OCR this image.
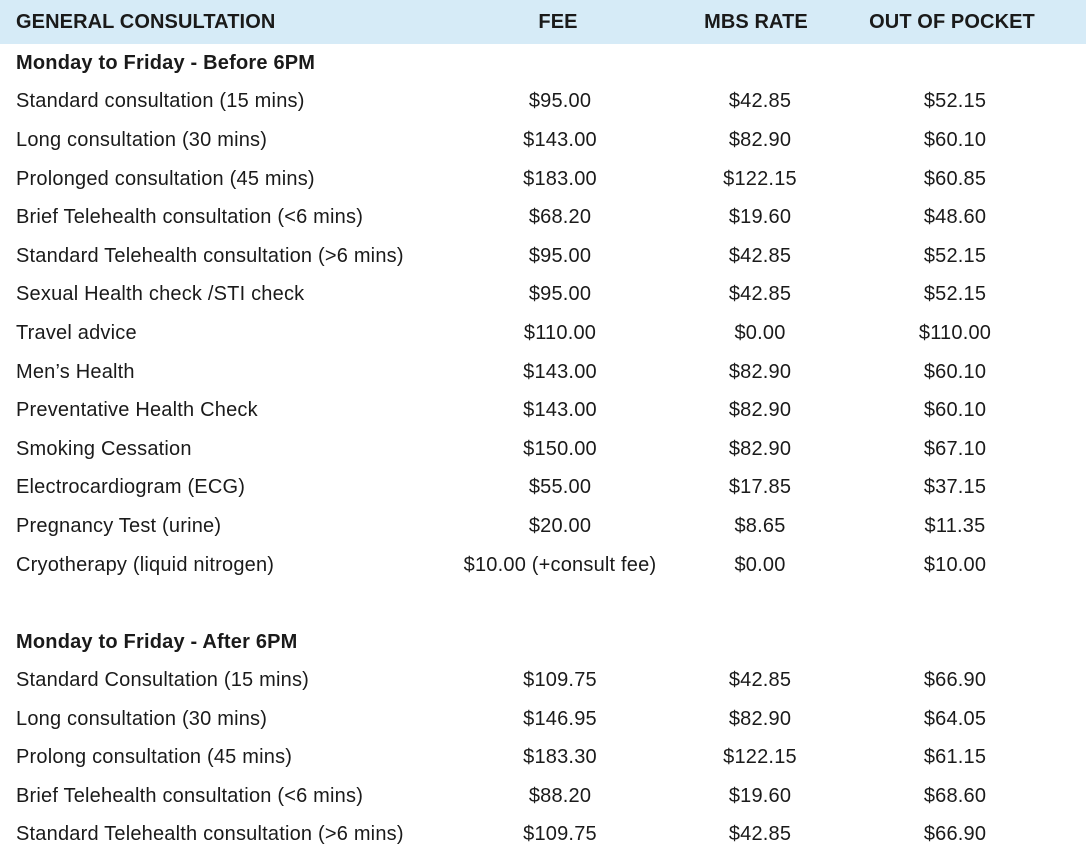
GENERAL CONSULTATION	FEE	MBS RATE	OUT OF POCKET
Monday to Friday - Before 6PM
Standard consultation (15 mins)	$95.00	$42.85	$52.15
Long consultation (30 mins)	$143.00	$82.90	$60.10
Prolonged consultation (45 mins)	$183.00	$122.15	$60.85
Brief Telehealth consultation (<6 mins)	$68.20	$19.60	$48.60
Standard Telehealth consultation (>6 mins)	$95.00	$42.85	$52.15
Sexual Health check /STI check	$95.00	$42.85	$52.15
Travel advice	$110.00	$0.00	$110.00
Men’s Health	$143.00	$82.90	$60.10
Preventative Health Check	$143.00	$82.90	$60.10
Smoking Cessation	$150.00	$82.90	$67.10
Electrocardiogram (ECG)	$55.00	$17.85	$37.15
Pregnancy Test (urine)	$20.00	$8.65	$11.35
Cryotherapy (liquid nitrogen)	$10.00 (+consult fee)	$0.00	$10.00
Monday to Friday - After 6PM
Standard Consultation (15 mins)	$109.75	$42.85	$66.90
Long consultation (30 mins)	$146.95	$82.90	$64.05
Prolong consultation (45 mins)	$183.30	$122.15	$61.15
Brief Telehealth consultation (<6 mins)	$88.20	$19.60	$68.60
Standard Telehealth consultation (>6 mins)	$109.75	$42.85	$66.90
